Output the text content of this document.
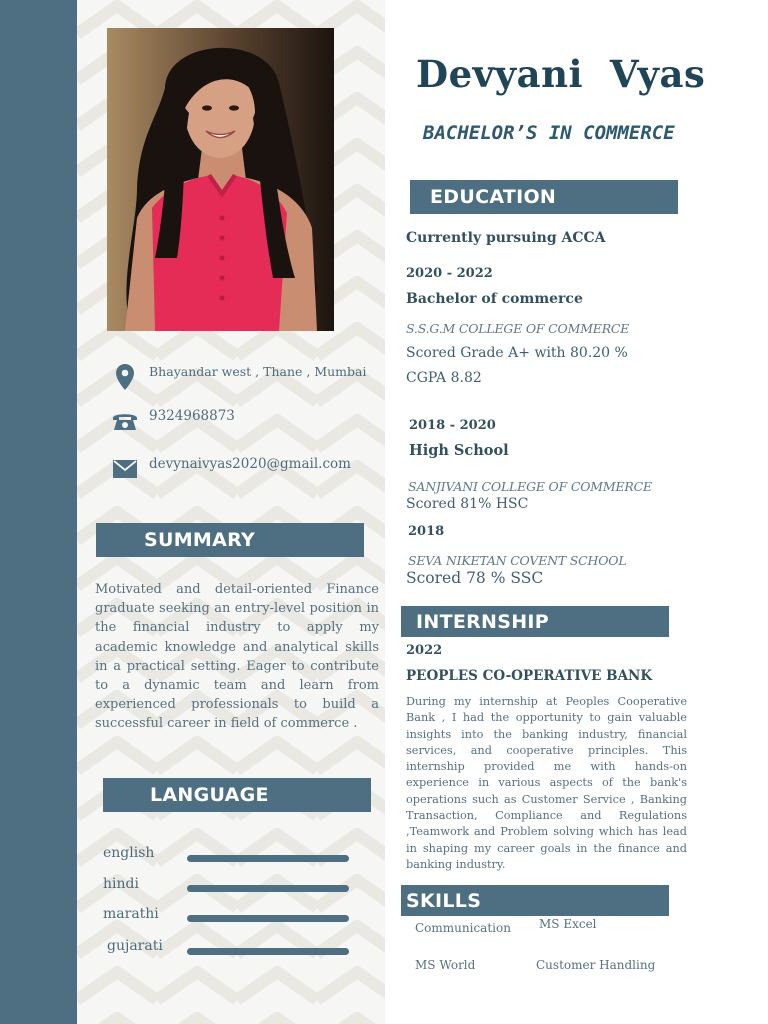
Bhayandar west , Thane , Mumbai
9324968873
devynaivyas2020@gmail.com
SUMMARY
Motivated and detail-oriented Finance graduate seeking an entry-level position in the financial industry to apply my academic knowledge and analytical skills in a practical setting. Eager to contribute to a dynamic team and learn from experienced professionals to build a successful career in field of commerce .
LANGUAGE
english
hindi
marathi
gujarati
Devyani  Vyas
BACHELOR’S IN COMMERCE
EDUCATION
Currently pursuing ACCA
2020 - 2022
Bachelor of commerce
S.S.G.M COLLEGE OF COMMERCE
Scored Grade A+ with 80.20 %
CGPA 8.82
2018 - 2020
High School
SANJIVANI COLLEGE OF COMMERCE
Scored 81% HSC
2018
SEVA NIKETAN COVENT SCHOOL
Scored 78 % SSC
INTERNSHIP
2022
PEOPLES CO-OPERATIVE BANK
During my internship at Peoples Cooperative Bank , I had the opportunity to gain valuable insights into the banking industry, financial services, and cooperative principles. This internship provided me with hands-on experience in various aspects of the bank's operations such as Customer Service , Banking Transaction, Compliance and Regulations ,Teamwork and Problem solving which has lead in shaping my career goals in the finance and banking industry.
SKILLS
Communication MS Excel
MS World	Customer Handling
